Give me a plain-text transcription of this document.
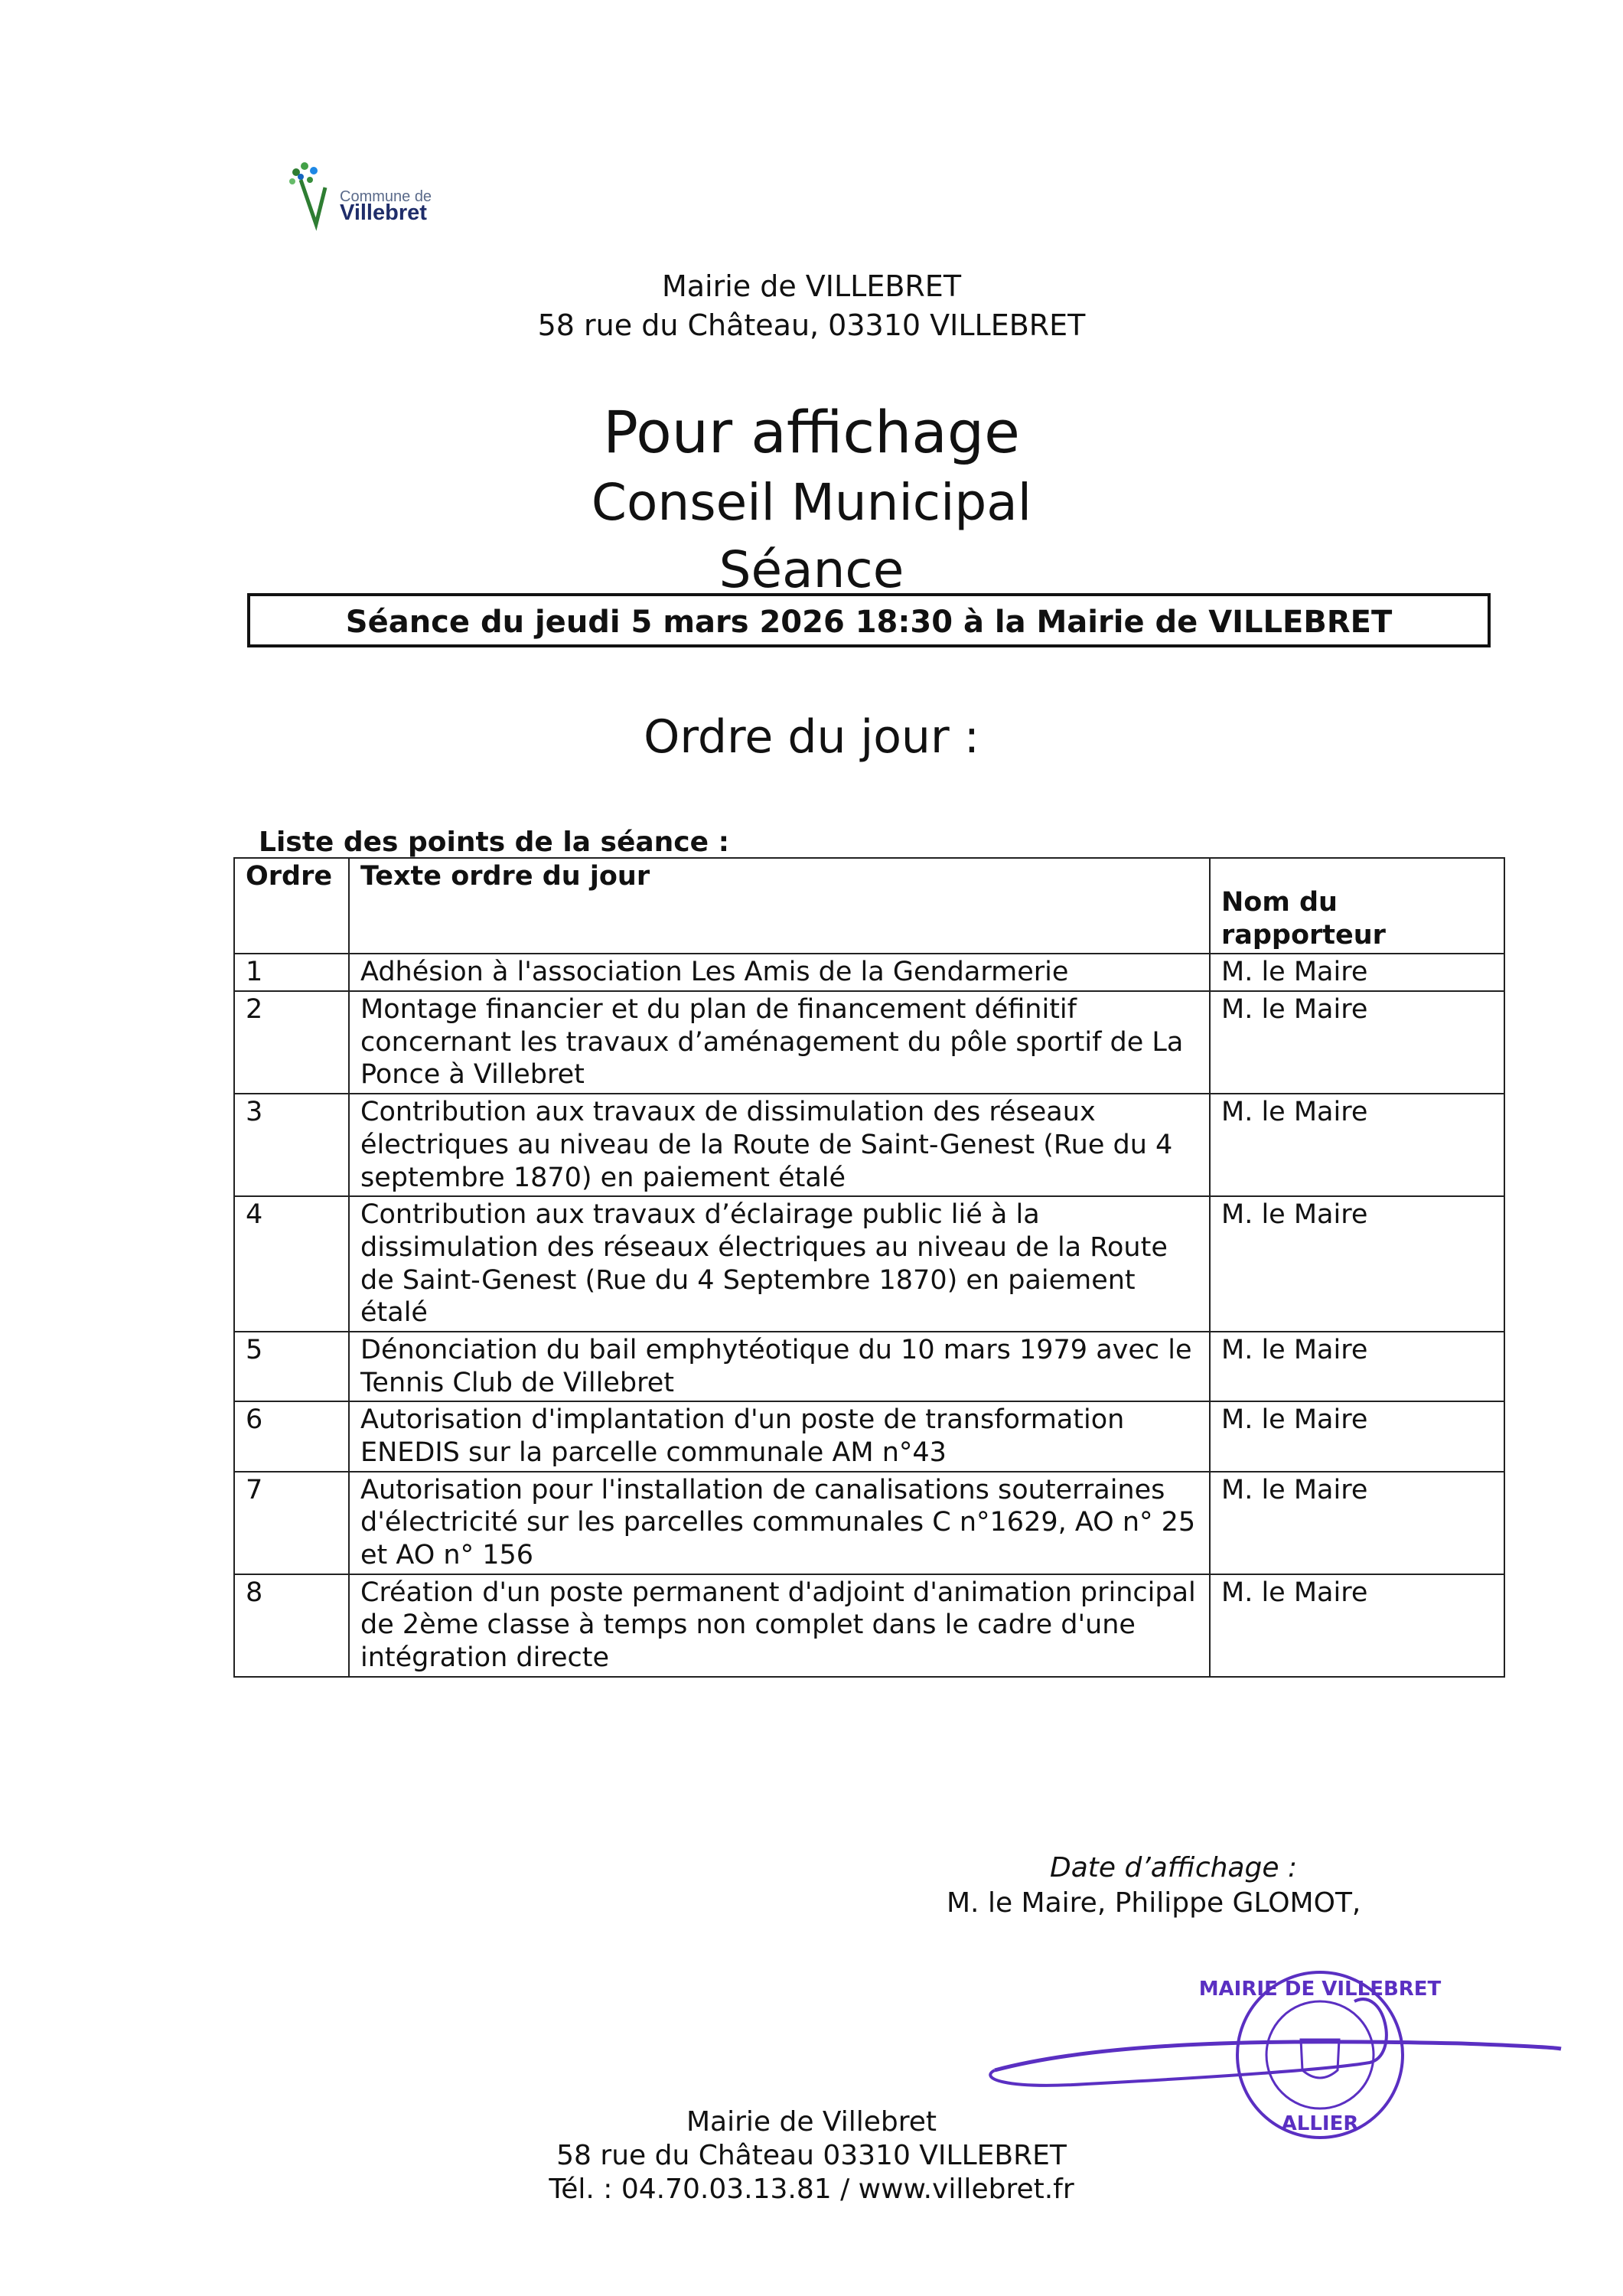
Commune de
Villebret
Mairie de VILLEBRET
58 rue du Château, 03310 VILLEBRET
Pour affichage
Conseil Municipal
Séance
Séance du jeudi 5 mars 2026 18:30 à la Mairie de VILLEBRET
Ordre du jour :
Liste des points de la séance :
Ordre	Texte ordre du jour	Nom du rapporteur
1	Adhésion à l'association Les Amis de la Gendarmerie	M. le Maire
2	Montage financier et du plan de financement définitif concernant les travaux d’aménagement du pôle sportif de La Ponce à Villebret	M. le Maire
3	Contribution aux travaux de dissimulation des réseaux électriques au niveau de la Route de Saint-Genest (Rue du 4 septembre 1870) en paiement étalé	M. le Maire
4	Contribution aux travaux d’éclairage public lié à la dissimulation des réseaux électriques au niveau de la Route de Saint-Genest (Rue du 4 Septembre 1870) en paiement étalé	M. le Maire
5	Dénonciation du bail emphytéotique du 10 mars 1979 avec le Tennis Club de Villebret	M. le Maire
6	Autorisation d'implantation d'un poste de transformation ENEDIS sur la parcelle communale AM n°43	M. le Maire
7	Autorisation pour l'installation de canalisations souterraines d'électricité sur les parcelles communales C n°1629, AO n° 25 et AO n° 156	M. le Maire
8	Création d'un poste permanent d'adjoint d'animation principal de 2ème classe à temps non complet dans le cadre d'une intégration directe	M. le Maire
Date d’affichage :
M. le Maire, Philippe GLOMOT,
MAIRIE DE VILLEBRET
ALLIER
Mairie de Villebret
58 rue du Château 03310 VILLEBRET
Tél. : 04.70.03.13.81 / www.villebret.fr
